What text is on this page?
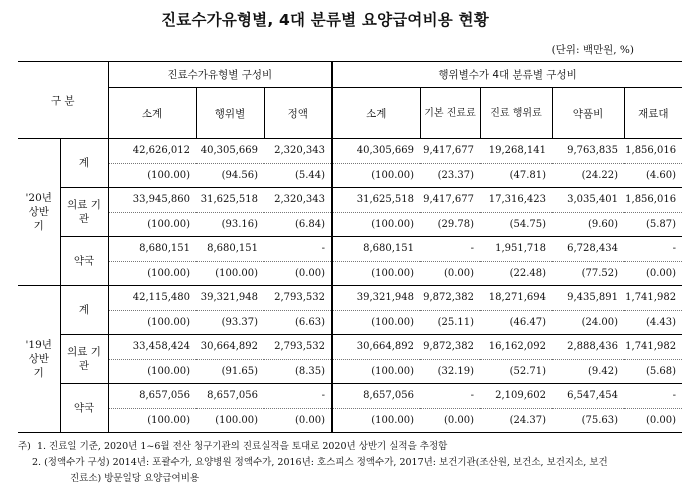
진료수가유형별, 4대 분류별 요양급여비용 현황
(단위: 백만원, %)
구 분		진료수가유형별 구성비			행위별수가 4대 분류별 구성비				
		소계	행위별	정액	소계	기본 진료료	진료 행위료	약품비	재료대
'20년 상반기	계	42,626,012	40,305,669	2,320,343	40,305,669	9,417,677	19,268,141	9,763,835	1,856,016
		(100.00)	(94.56)	(5.44)	(100.00)	(23.37)	(47.81)	(24.22)	(4.60)
	의료 기관	33,945,860	31,625,518	2,320,343	31,625,518	9,417,677	17,316,423	3,035,401	1,856,016
		(100.00)	(93.16)	(6.84)	(100.00)	(29.78)	(54.75)	(9.60)	(5.87)
	약국	8,680,151	8,680,151	-	8,680,151	-	1,951,718	6,728,434	-
		(100.00)	(100.00)	(0.00)	(100.00)	(0.00)	(22.48)	(77.52)	(0.00)
'19년 상반기	계	42,115,480	39,321,948	2,793,532	39,321,948	9,872,382	18,271,694	9,435,891	1,741,982
		(100.00)	(93.37)	(6.63)	(100.00)	(25.11)	(46.47)	(24.00)	(4.43)
	의료 기관	33,458,424	30,664,892	2,793,532	30,664,892	9,872,382	16,162,092	2,888,436	1,741,982
		(100.00)	(91.65)	(8.35)	(100.00)	(32.19)	(52.71)	(9.42)	(5.68)
	약국	8,657,056	8,657,056	-	8,657,056	-	2,109,602	6,547,454	-
		(100.00)	(100.00)	(0.00)	(100.00)	(0.00)	(24.37)	(75.63)	(0.00)
주) 1. 진료일 기준, 2020년 1~6월 전산 청구기관의 진료실적을 토대로 2020년 상반기 실적을 추정함
2. (정액수가 구성) 2014년: 포괄수가, 요양병원 정액수가, 2016년: 호스피스 정액수가, 2017년: 보건기관(조산원, 보건소, 보건지소, 보건
진료소) 방문일당 요양급여비용
